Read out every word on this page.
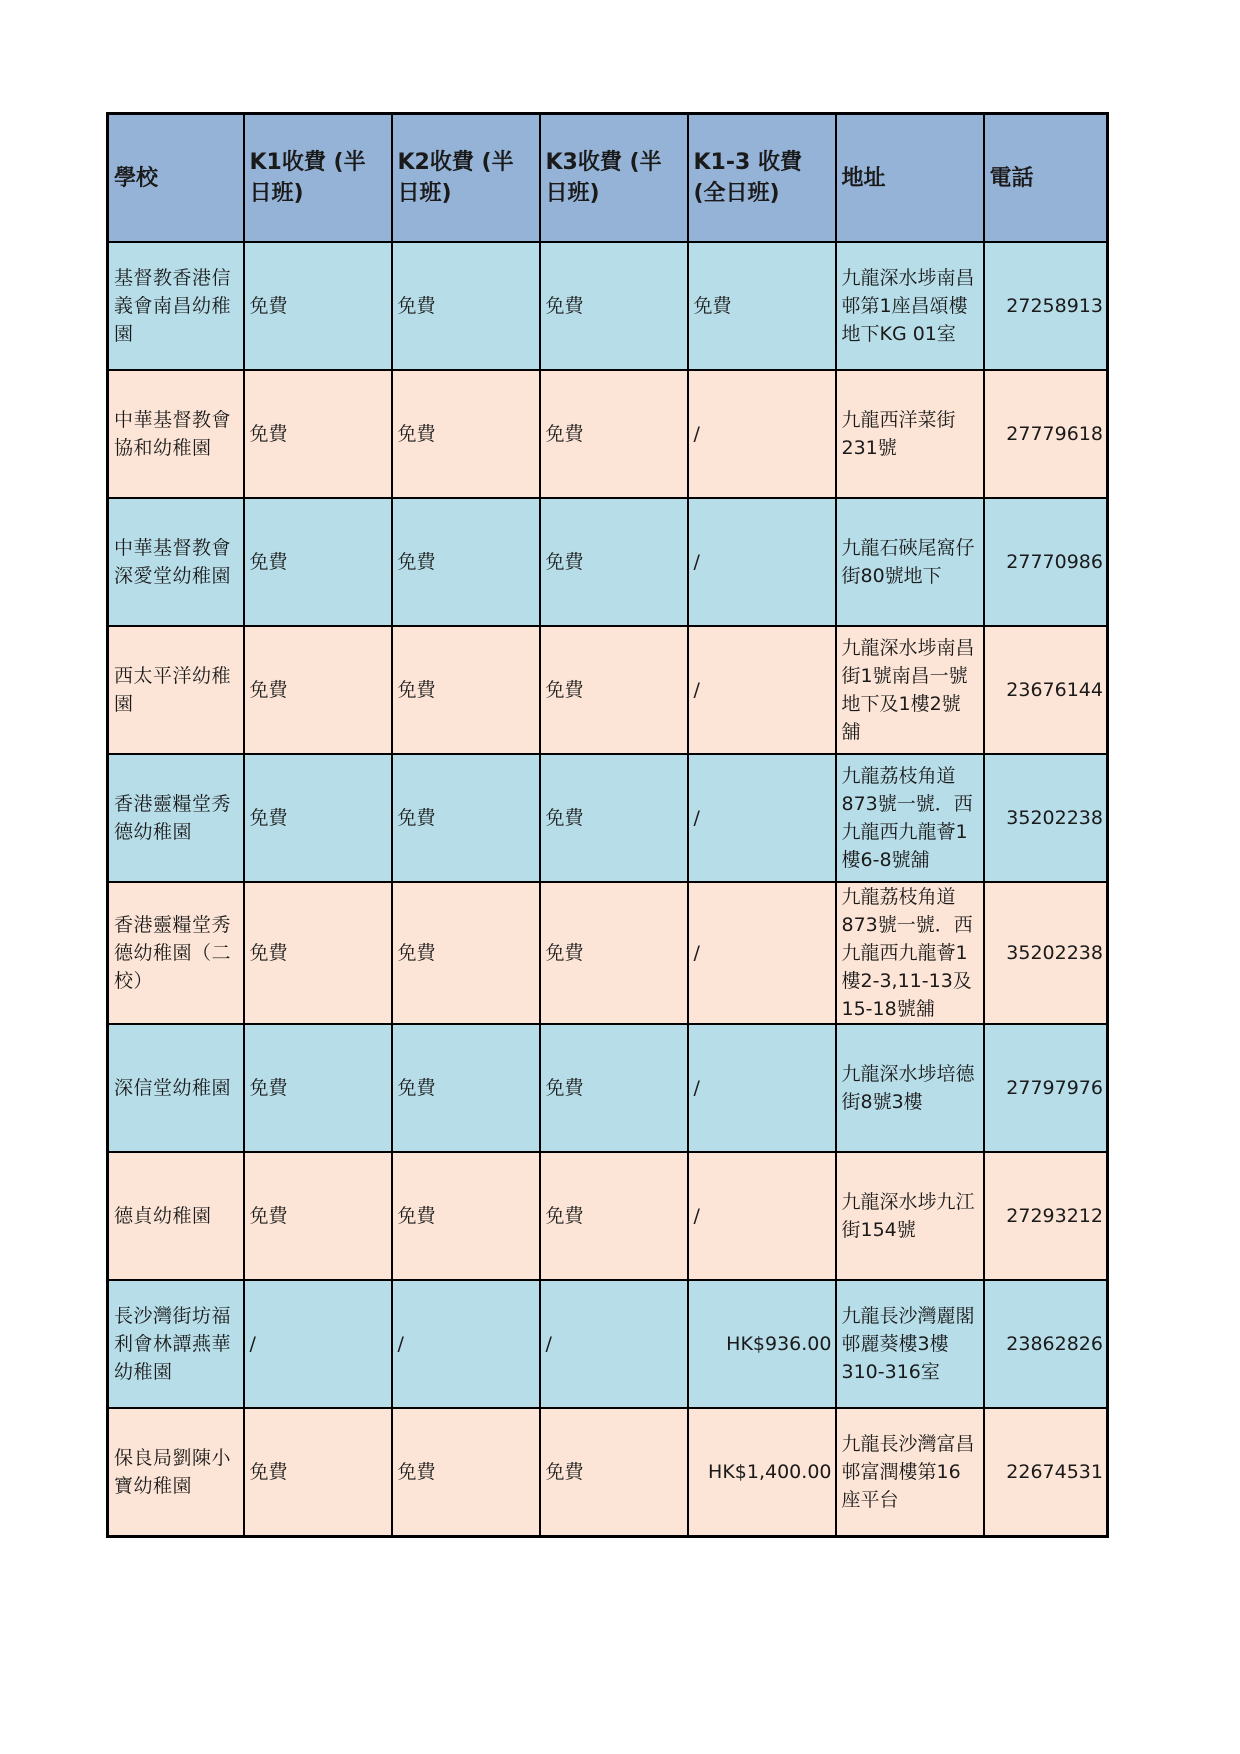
學校	K1收費 (半日班)	K2收費 (半日班)	K3收費 (半日班)	K1-3 收費 (全日班)	地址	電話
基督教香港信義會南昌幼稚園	免費	免費	免費	免費	九龍深水埗南昌邨第1座昌頌樓地下KG 01室	27258913
中華基督教會協和幼稚園	免費	免費	免費	/	九龍西洋菜街231號	27779618
中華基督教會深愛堂幼稚園	免費	免費	免費	/	九龍石硤尾窩仔街80號地下	27770986
西太平洋幼稚園	免費	免費	免費	/	九龍深水埗南昌街1號南昌一號地下及1樓2號舖	23676144
香港靈糧堂秀德幼稚園	免費	免費	免費	/	九龍荔枝角道873號一號．西九龍西九龍薈1樓6-8號舖	35202238
香港靈糧堂秀德幼稚園（二校）	免費	免費	免費	/	九龍荔枝角道873號一號．西九龍西九龍薈1樓2-3,11-13及15-18號舖	35202238
深信堂幼稚園	免費	免費	免費	/	九龍深水埗培德街8號3樓	27797976
德貞幼稚園	免費	免費	免費	/	九龍深水埗九江街154號	27293212
長沙灣街坊福利會林譚燕華幼稚園	/	/	/	HK$936.00	九龍長沙灣麗閣邨麗葵樓3樓310-316室	23862826
保良局劉陳小寶幼稚園	免費	免費	免費	HK$1,400.00	九龍長沙灣富昌邨富潤樓第16座平台	22674531
